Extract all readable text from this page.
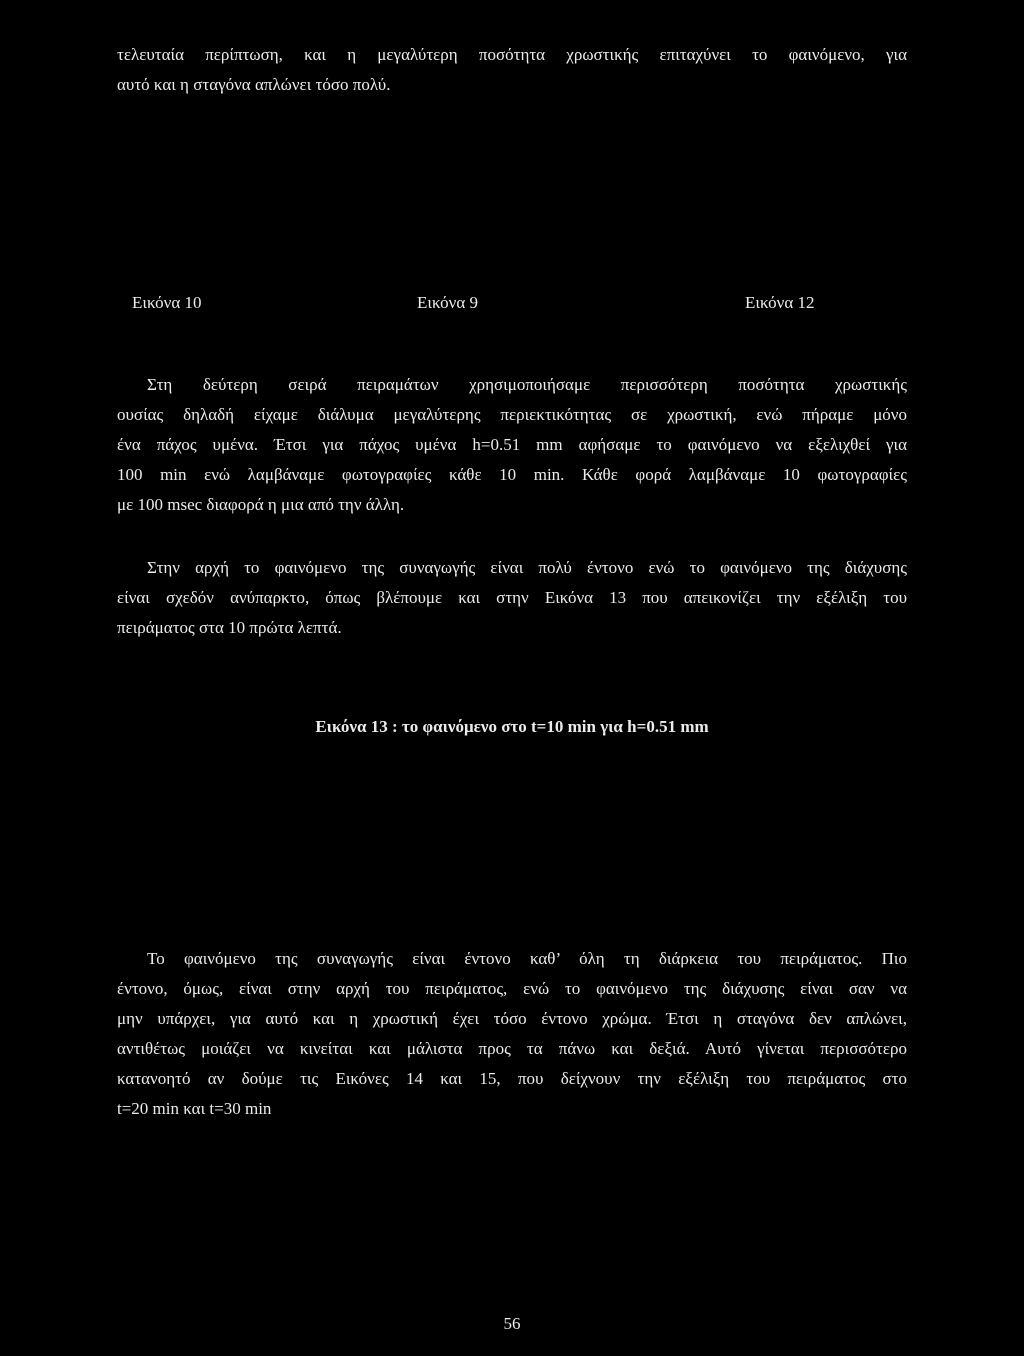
τελευταία περίπτωση, και η μεγαλύτερη ποσότητα χρωστικής επιταχύνει το φαινόμενο, για
αυτό και η σταγόνα απλώνει τόσο πολύ.
Εικόνα 10	Εικόνα 9	Εικόνα 12
Στη δεύτερη σειρά πειραμάτων χρησιμοποιήσαμε περισσότερη ποσότητα χρωστικής
ουσίας δηλαδή είχαμε διάλυμα μεγαλύτερης περιεκτικότητας σε χρωστική, ενώ πήραμε μόνο
ένα πάχος υμένα. Έτσι για πάχος υμένα h=0.51 mm αφήσαμε το φαινόμενο να εξελιχθεί για
100 min ενώ λαμβάναμε φωτογραφίες κάθε 10 min. Κάθε φορά λαμβάναμε 10 φωτογραφίες
με 100 msec διαφορά η μια από την άλλη.
Στην αρχή το φαινόμενο της συναγωγής είναι πολύ έντονο ενώ το φαινόμενο της διάχυσης
είναι σχεδόν ανύπαρκτο, όπως βλέπουμε και στην Εικόνα 13 που απεικονίζει την εξέλιξη του
πειράματος στα 10 πρώτα λεπτά.
Εικόνα 13 : το φαινόμενο στο t=10 min για h=0.51 mm
Το φαινόμενο της συναγωγής είναι έντονο καθ’ όλη τη διάρκεια του πειράματος. Πιο
έντονο, όμως, είναι στην αρχή του πειράματος, ενώ το φαινόμενο της διάχυσης είναι σαν να
μην υπάρχει, για αυτό και η χρωστική έχει τόσο έντονο χρώμα. Έτσι η σταγόνα δεν απλώνει,
αντιθέτως μοιάζει να κινείται και μάλιστα προς τα πάνω και δεξιά. Αυτό γίνεται περισσότερο
κατανοητό αν δούμε τις Εικόνες 14 και 15, που δείχνουν την εξέλιξη του πειράματος στο
t=20 min και t=30 min
56
